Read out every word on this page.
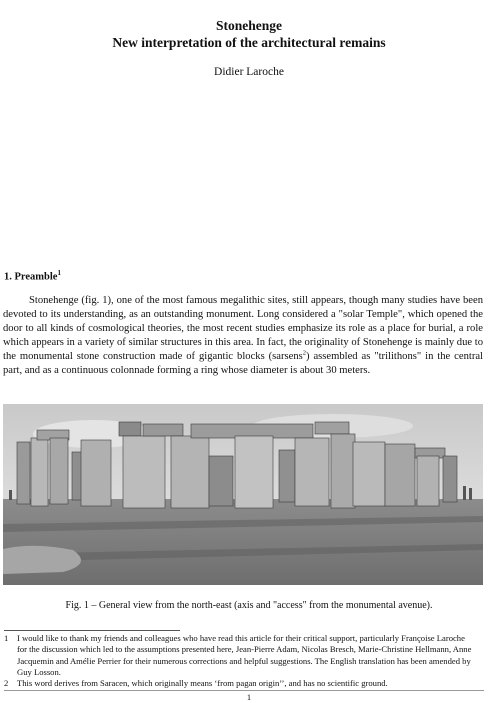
Stonehenge
New interpretation of the architectural remains
Didier Laroche
1. Preamble$^1$
Stonehenge (fig. 1), one of the most famous megalithic sites, still appears, though many studies have been devoted to its understanding, as an outstanding monument. Long considered a "solar Temple", which opened the door to all kinds of cosmological theories, the most recent studies emphasize its role as a place for burial, a role which appears in a variety of similar structures in this area. In fact, the originality of Stonehenge is mainly due to the monumental stone construction made of gigantic blocks (sarsens$^2$) assembled as "trilithons" in the central part, and as a continuous colonnade forming a ring whose diameter is about 30 meters.
Fig. 1 – General view from the north-east (axis and "access" from the monumental avenue).
1	I would like to thank my friends and colleagues who have read this article for their critical support, particularly Françoise Laroche for the discussion which led to the assumptions presented here, Jean-Pierre Adam, Nicolas Bresch, Marie-Christine Hellmann, Anne Jacquemin and Amélie Perrier for their numerous corrections and helpful suggestions. The English translation has been amended by Guy Losson.
2	This word derives from Saracen, which originally means ‘from pagan origin’’, and has no scientific ground.
1
